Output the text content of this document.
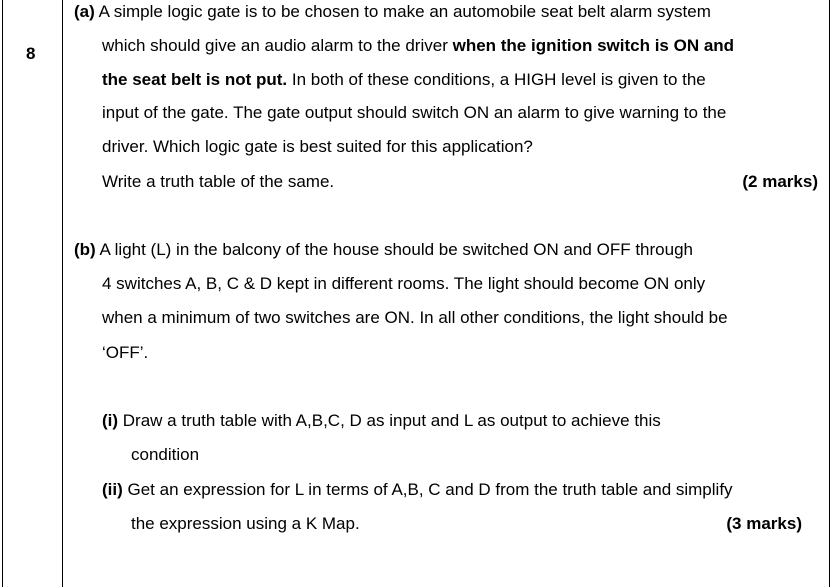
8
(a) A simple logic gate is to be chosen to make an automobile seat belt alarm system
which should give an audio alarm to the driver when the ignition switch is ON and
the seat belt is not put. In both of these conditions, a HIGH level is given to the
input of the gate. The gate output should switch ON an alarm to give warning to the
driver. Which logic gate is best suited for this application?
Write a truth table of the same.	(2 marks)
(b) A light (L) in the balcony of the house should be switched ON and OFF through
4 switches A, B, C & D kept in different rooms. The light should become ON only
when a minimum of two switches are ON. In all other conditions, the light should be
‘OFF’.
(i) Draw a truth table with A,B,C, D as input and L as output to achieve this
condition
(ii) Get an expression for L in terms of A,B, C and D from the truth table and simplify
the expression using a K Map.	(3 marks)
